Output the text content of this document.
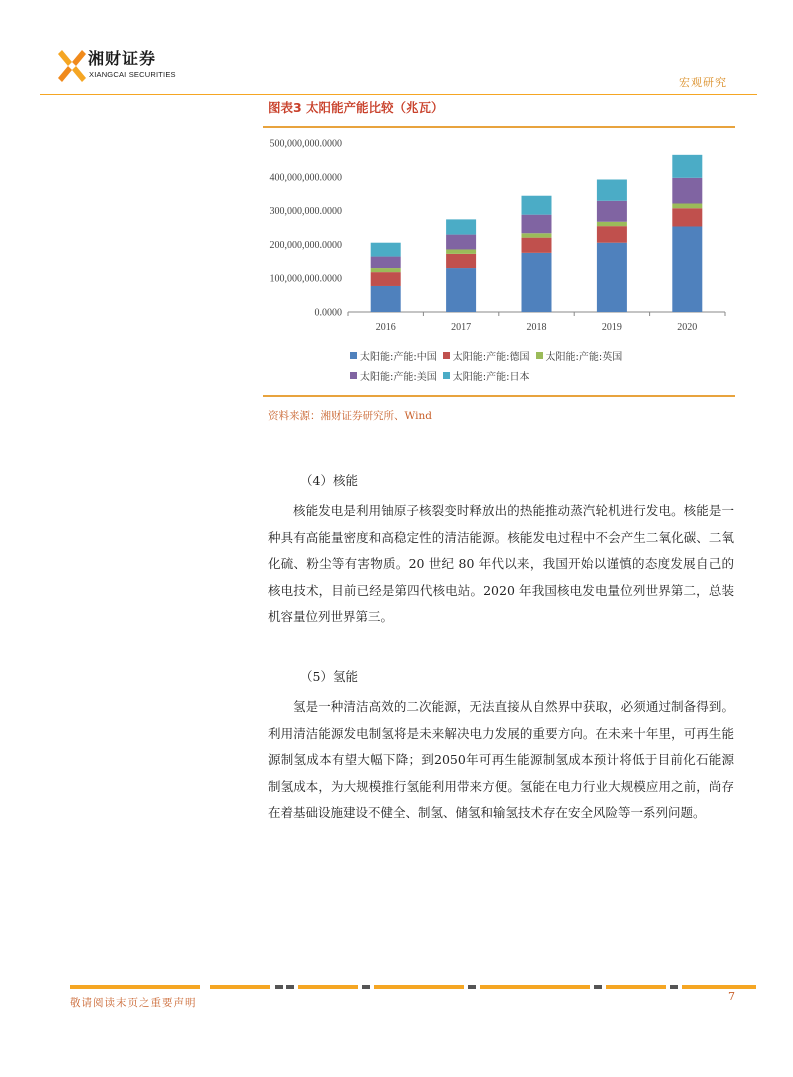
湘财证券
XIANGCAI SECURITIES
宏观研究
图表3 太阳能产能比较（兆瓦）
0.0000
100,000,000.0000
200,000,000.0000
300,000,000.0000
400,000,000.0000
500,000,000.0000
2016	2017	2018	2019	2020
太阳能:产能:中国 太阳能:产能:德国 太阳能:产能:英国

太阳能:产能:美国 太阳能:产能:日本
资料来源：湘财证券研究所、Wind
（4）核能
核能发电是利用铀原子核裂变时释放出的热能推动蒸汽轮机进行发电。核能是一种具有高能量密度和高稳定性的清洁能源。核能发电过程中不会产生二氧化碳、二氧化硫、粉尘等有害物质。20 世纪 80 年代以来，我国开始以谨慎的态度发展自己的核电技术，目前已经是第四代核电站。2020 年我国核电发电量位列世界第二，总装机容量位列世界第三。
（5）氢能
氢是一种清洁高效的二次能源，无法直接从自然界中获取，必须通过制备得到。利用清洁能源发电制氢将是未来解决电力发展的重要方向。在未来十年里，可再生能源制氢成本有望大幅下降；到2050年可再生能源制氢成本预计将低于目前化石能源制氢成本，为大规模推行氢能利用带来方便。氢能在电力行业大规模应用之前，尚存在着基础设施建设不健全、制氢、储氢和输氢技术存在安全风险等一系列问题。
敬请阅读末页之重要声明	7
